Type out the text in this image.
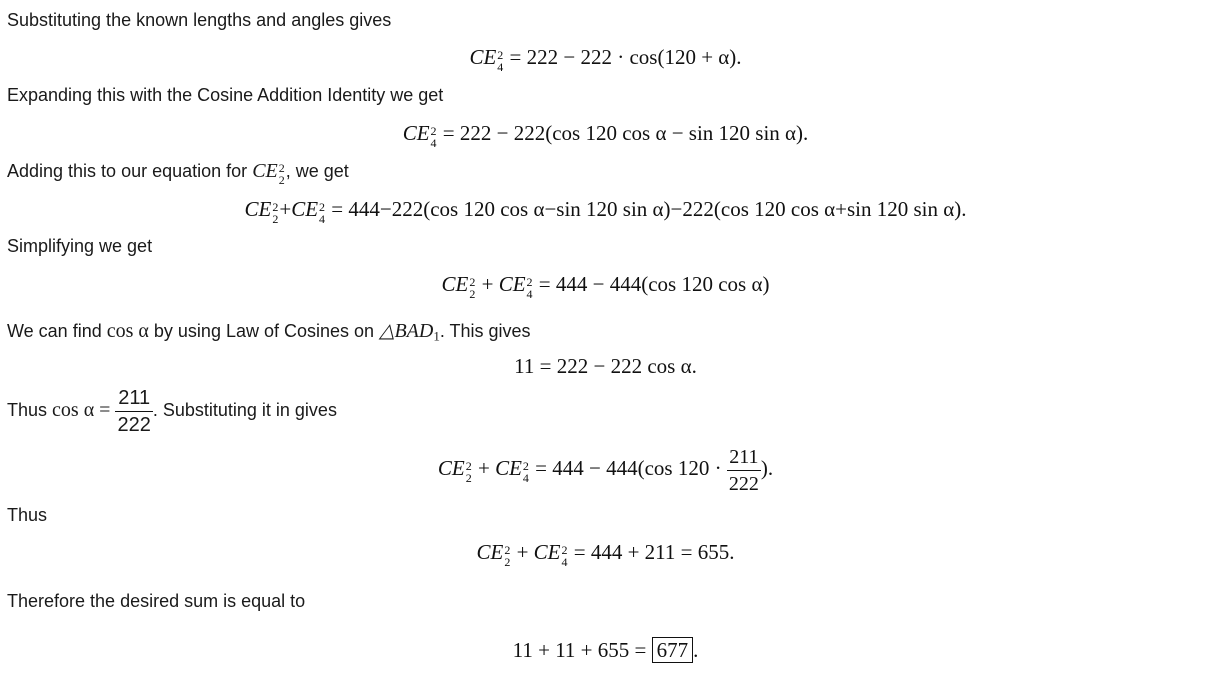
Substituting the known lengths and angles gives
CE 2
4 = 222 − 222 · cos(120 + α).
Expanding this with the Cosine Addition Identity we get
CE 2
4 = 222 − 222(cos 120 cos α − sin 120 sin α).
Adding this to our equation for CE 2
2 , we get
CE 2
2 +CE 2
4 = 444−222(cos 120 cos α−sin 120 sin α)−222(cos 120 cos α+sin 120 sin α).
Simplifying we get
CE 2
2 + CE 2
4 = 444 − 444(cos 120 cos α)
We can find cos α by using Law of Cosines on △BAD1. This gives
11 = 222 − 222 cos α.
Thus $\cos \alpha = \frac{211}{222}$ . Substituting it in gives
CE 2
2 + CE 2
4 = 444 − 444(cos $120 \cdot \frac{211}{222}$ ).
Thus
CE 2
2 + CE 2
4 = 444 + 211 = 655.
Therefore the desired sum is equal to
11 + 11 + 655 = 677 .
